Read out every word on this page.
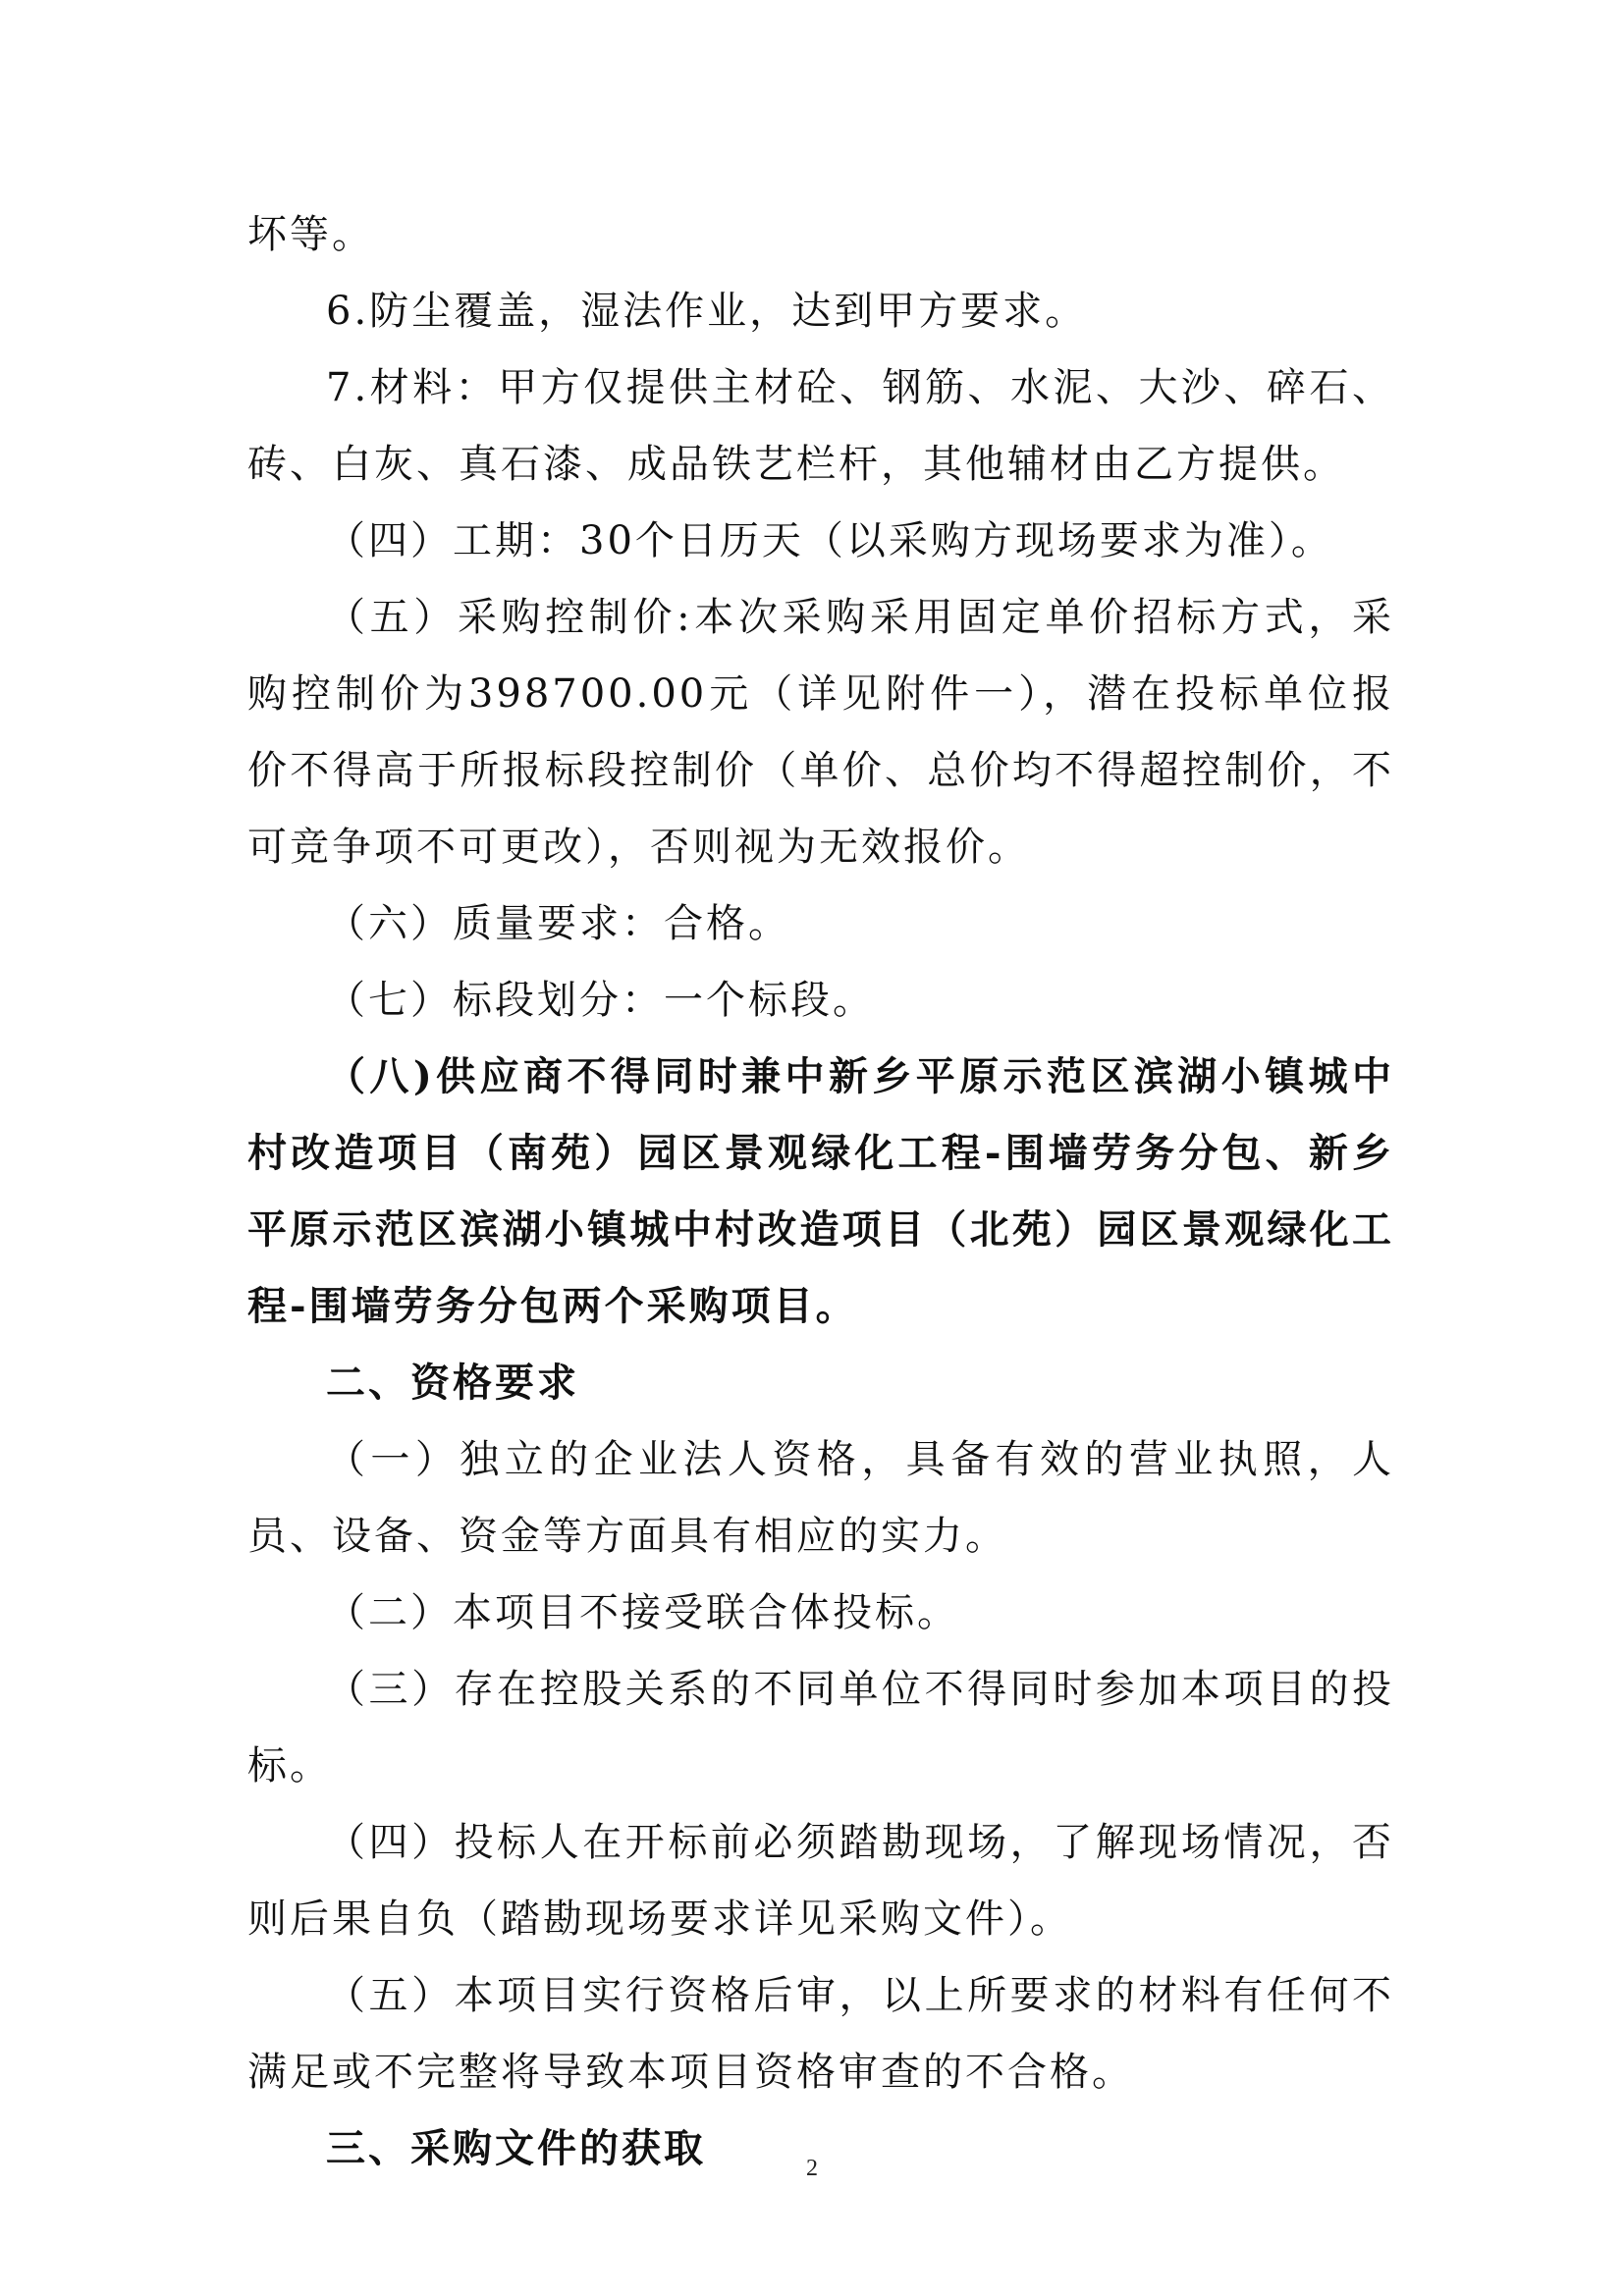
坏等。

6.防尘覆盖，湿法作业，达到甲方要求。

7.材料：甲方仅提供主材砼、钢筋、水泥、大沙、碎石、砖、白灰、真石漆、成品铁艺栏杆，其他辅材由乙方提供。

（四）工期：30个日历天（以采购方现场要求为准）。

（五）采购控制价:本次采购采用固定单价招标方式，采购控制价为398700.00元（详见附件一），潜在投标单位报价不得高于所报标段控制价（单价、总价均不得超控制价，不可竞争项不可更改），否则视为无效报价。

（六）质量要求：合格。

（七）标段划分：一个标段。

（八)供应商不得同时兼中新乡平原示范区滨湖小镇城中村改造项目（南苑）园区景观绿化工程-围墙劳务分包、新乡平原示范区滨湖小镇城中村改造项目（北苑）园区景观绿化工程-围墙劳务分包两个采购项目。

二、资格要求

（一）独立的企业法人资格，具备有效的营业执照，人员、设备、资金等方面具有相应的实力。

（二）本项目不接受联合体投标。

（三）存在控股关系的不同单位不得同时参加本项目的投标。

（四）投标人在开标前必须踏勘现场，了解现场情况，否则后果自负（踏勘现场要求详见采购文件）。

（五）本项目实行资格后审，以上所要求的材料有任何不满足或不完整将导致本项目资格审查的不合格。

三、采购文件的获取	2
